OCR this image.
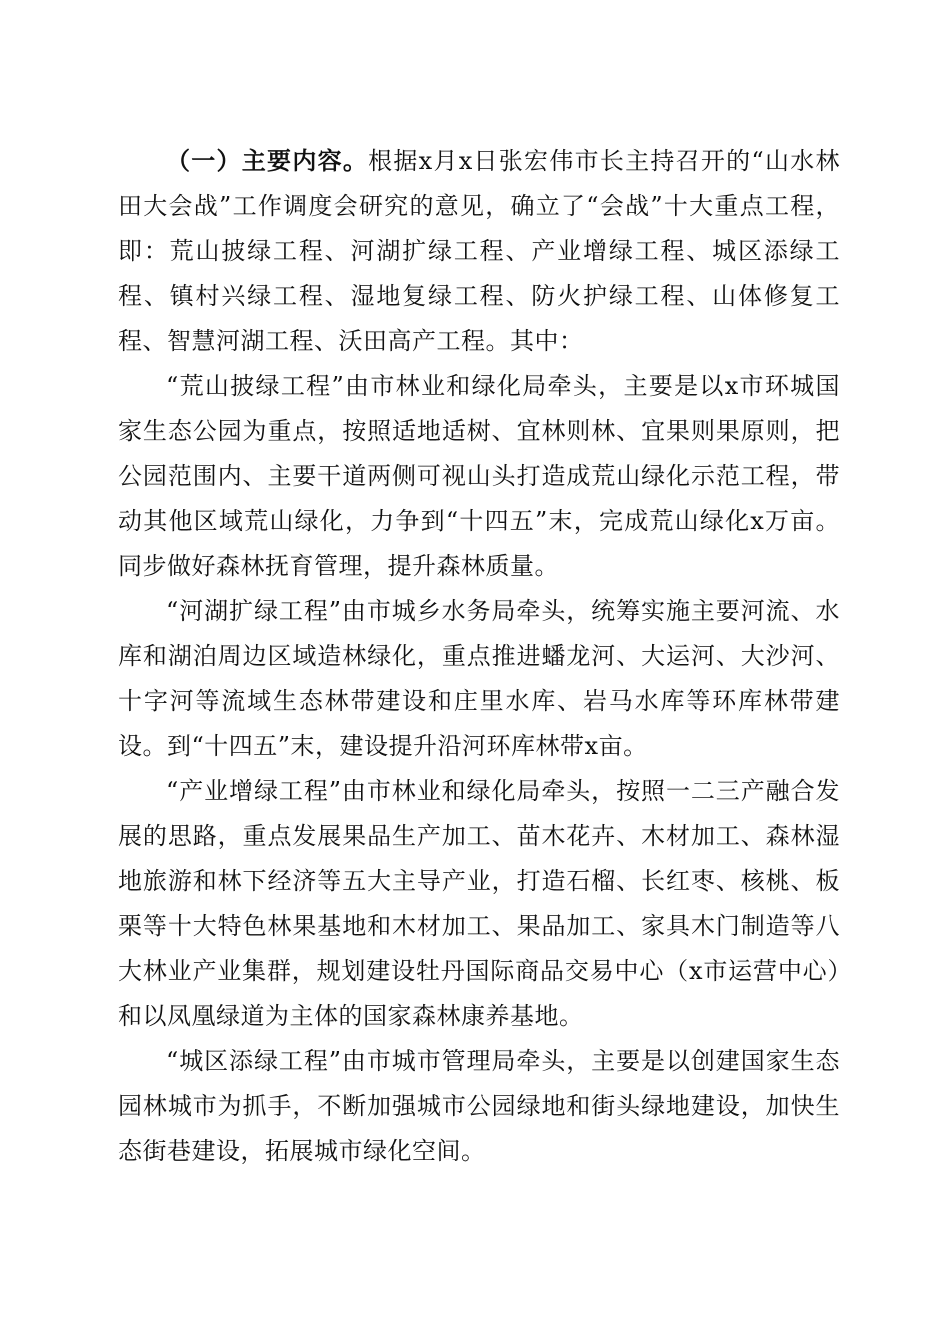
（一）主要内容。根据x月x日张宏伟市长主持召开的“山水林田大会战”工作调度会研究的意见，确立了“会战”十大重点工程，即：荒山披绿工程、河湖扩绿工程、产业增绿工程、城区添绿工程、镇村兴绿工程、湿地复绿工程、防火护绿工程、山体修复工程、智慧河湖工程、沃田高产工程。其中：

“荒山披绿工程”由市林业和绿化局牵头，主要是以x市环城国家生态公园为重点，按照适地适树、宜林则林、宜果则果原则，把公园范围内、主要干道两侧可视山头打造成荒山绿化示范工程，带动其他区域荒山绿化，力争到“十四五”末，完成荒山绿化x万亩。同步做好森林抚育管理，提升森林质量。

“河湖扩绿工程”由市城乡水务局牵头，统筹实施主要河流、水库和湖泊周边区域造林绿化，重点推进蟠龙河、大运河、大沙河、十字河等流域生态林带建设和庄里水库、岩马水库等环库林带建设。到“十四五”末，建设提升沿河环库林带x亩。

“产业增绿工程”由市林业和绿化局牵头，按照一二三产融合发展的思路，重点发展果品生产加工、苗木花卉、木材加工、森林湿地旅游和林下经济等五大主导产业，打造石榴、长红枣、核桃、板栗等十大特色林果基地和木材加工、果品加工、家具木门制造等八大林业产业集群，规划建设牡丹国际商品交易中心（x市运营中心）和以凤凰绿道为主体的国家森林康养基地。

“城区添绿工程”由市城市管理局牵头，主要是以创建国家生态园林城市为抓手，不断加强城市公园绿地和街头绿地建设，加快生态街巷建设，拓展城市绿化空间。
